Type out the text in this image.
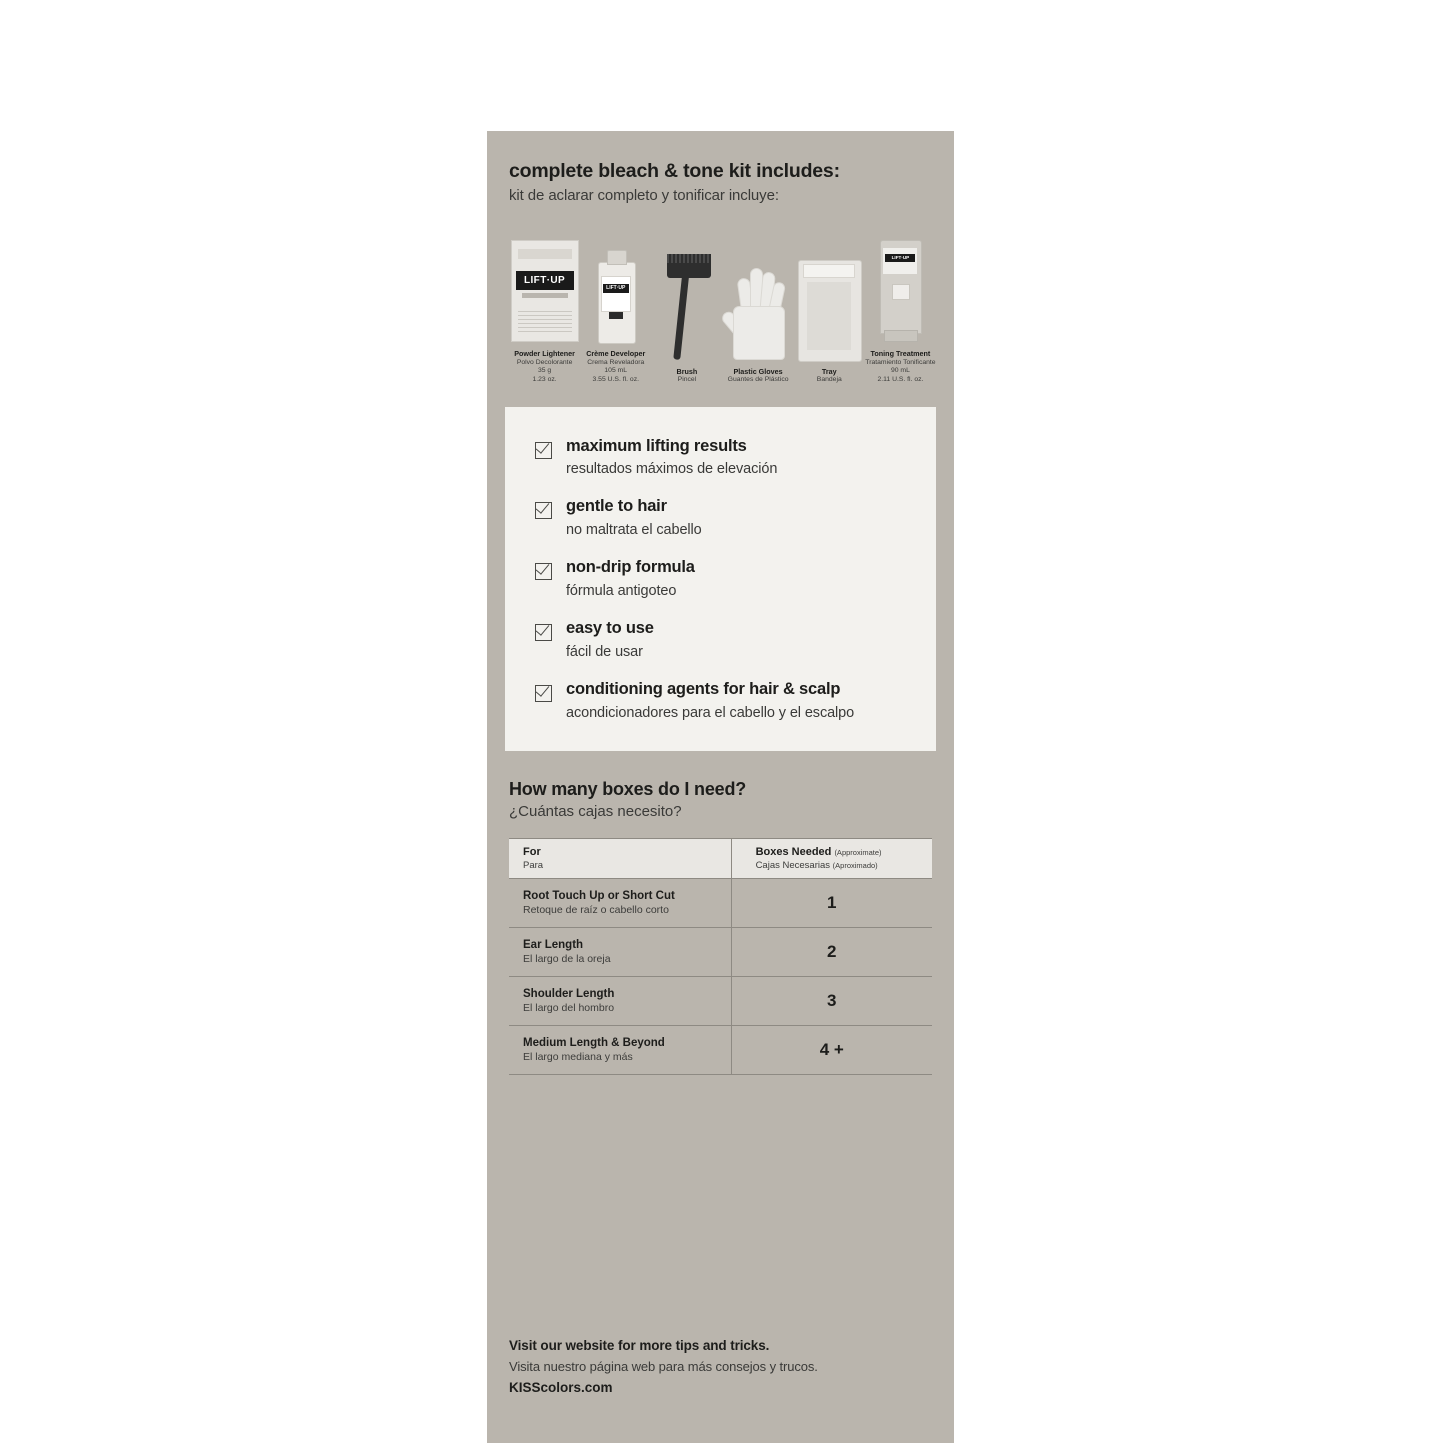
complete bleach & tone kit includes:
kit de aclarar completo y tonificar incluye:
LIFT·UP
Powder Lightener
Polvo Decolorante
35 g
1.23 oz.
LIFT·UP
Crème Developer
Crema Reveladora
105 mL
3.55 U.S. fl. oz.
Brush
Pincel
Plastic Gloves
Guantes de Plástico
Tray
Bandeja
LIFT·UP
Toning Treatment
Tratamiento Tonificante
90 mL
2.11 U.S. fl. oz.
maximum lifting results
resultados máximos de elevación
gentle to hair
no maltrata el cabello
non-drip formula
fórmula antigoteo
easy to use
fácil de usar
conditioning agents for hair & scalp
acondicionadores para el cabello y el escalpo
How many boxes do I need?
¿Cuántas cajas necesito?
For
Para

Boxes Needed (Approximate)
Cajas Necesarias (Aproximado)

Root Touch Up or Short Cut
Retoque de raíz o cabello corto	1

Ear Length
El largo de la oreja	2

Shoulder Length
El largo del hombro	3

Medium Length & Beyond
El largo mediana y más	4 +
Visit our website for more tips and tricks.
Visita nuestro página web para más consejos y trucos.
KISScolors.com
